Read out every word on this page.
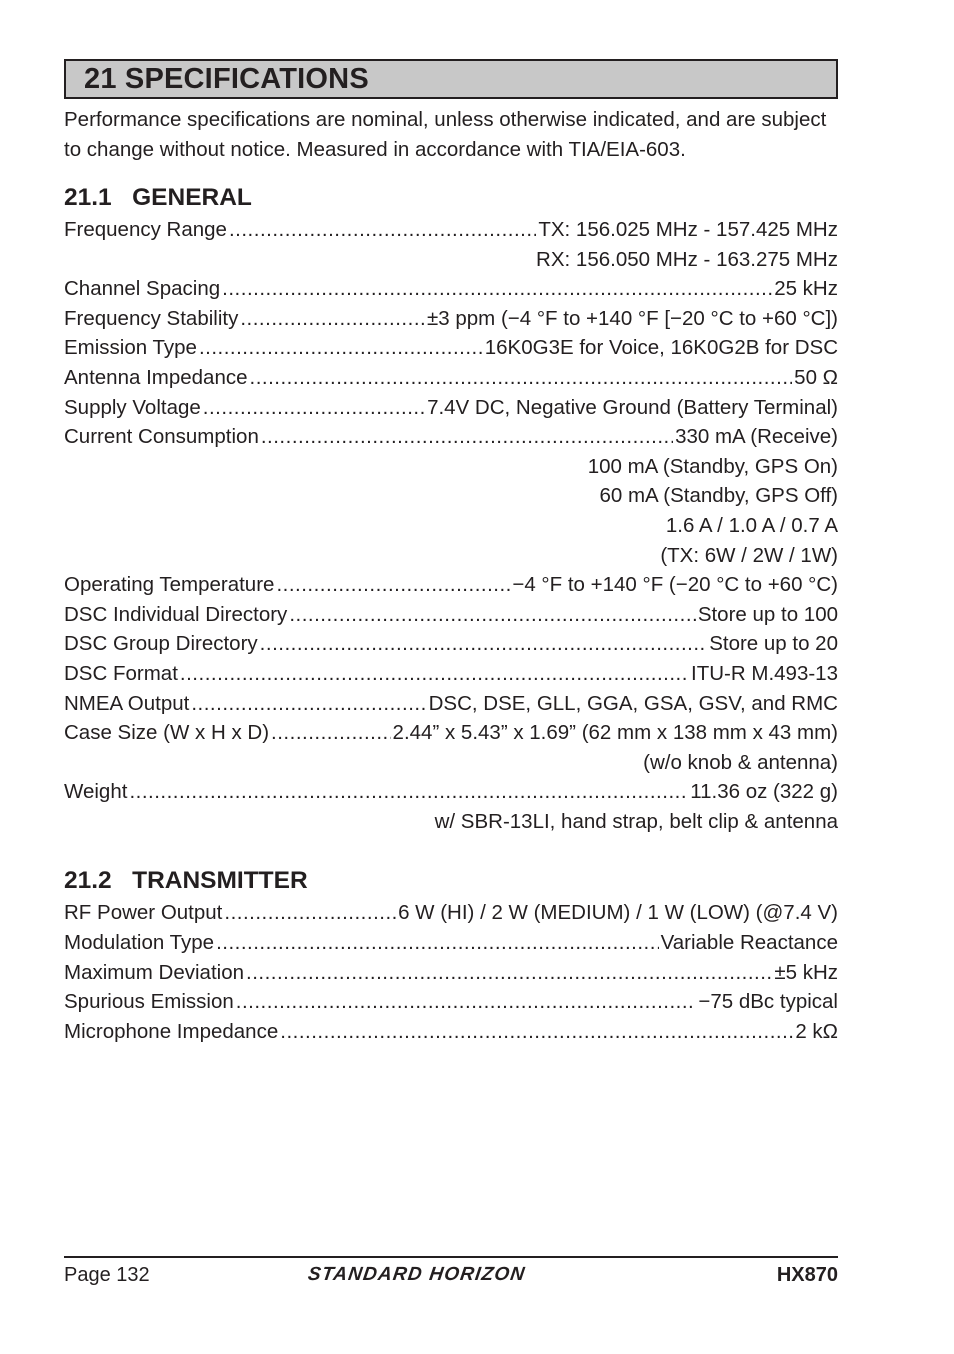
21 SPECIFICATIONS

Performance specifications are nominal, unless otherwise indicated, and are subject to change without notice. Measured in accordance with TIA/EIA-603.

21.1   GENERAL
Frequency Range .....	TX: 156.025 MHz - 157.425 MHz
RX: 156.050 MHz - 163.275 MHz
Channel Spacing .....	25 kHz
Frequency Stability .....	±3 ppm (−4 °F to +140 °F [−20 °C to +60 °C])
Emission Type .....	16K0G3E for Voice, 16K0G2B for DSC
Antenna Impedance .....	50 Ω
Supply Voltage .....	7.4V DC, Negative Ground (Battery Terminal)
Current Consumption .....	330 mA (Receive)
100 mA (Standby, GPS On)
60 mA (Standby, GPS Off)
1.6 A / 1.0 A / 0.7 A
(TX: 6W / 2W / 1W)
Operating Temperature .....	−4 °F to +140 °F (−20 °C to +60 °C)
DSC Individual Directory .....	Store up to 100
DSC Group Directory .....	Store up to 20
DSC Format .....	ITU-R M.493-13
NMEA Output .....	DSC, DSE, GLL, GGA, GSA, GSV, and RMC
Case Size (W x H x D) .....	2.44” x 5.43” x 1.69” (62 mm x 138 mm x 43 mm)
(w/o knob & antenna)
Weight .....	11.36 oz (322 g)
w/ SBR-13LI, hand strap, belt clip & antenna
21.2   TRANSMITTER
RF Power Output .....	6 W (HI) / 2 W (MEDIUM) / 1 W (LOW) (@7.4 V)
Modulation Type .....	Variable Reactance
Maximum Deviation .....	±5 kHz
Spurious Emission .....	−75 dBc typical
Microphone Impedance .....	2 kΩ
Page 132	STANDARD HORIZON	HX870
